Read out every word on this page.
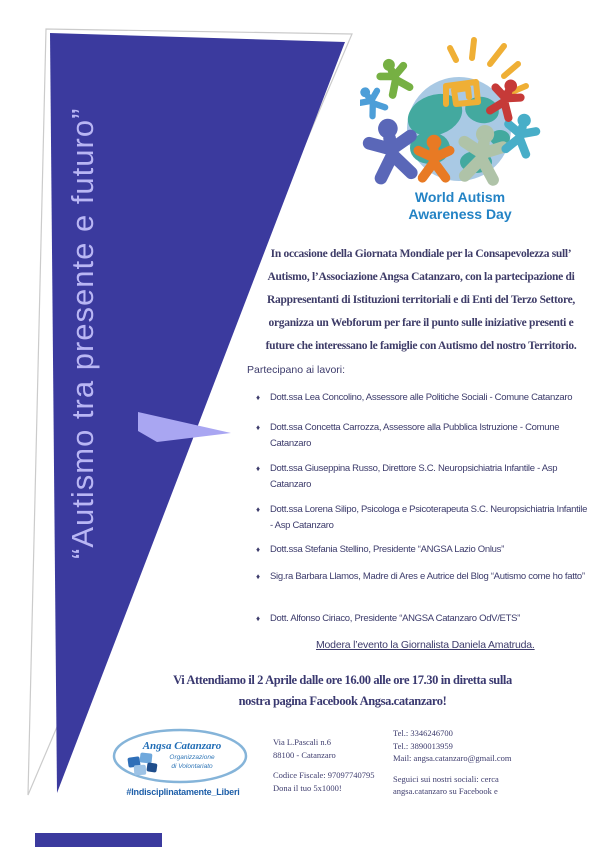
“Autismo tra presente e futuro”	World Autism
Awareness Day
In occasione della Giornata Mondiale per la Consapevolezza sull’
Autismo, l’Associazione Angsa Catanzaro, con la partecipazione di
Rappresentanti di Istituzioni territoriali e di Enti del Terzo Settore,
organizza un Webforum per fare il punto sulle iniziative presenti e
future che interessano le famiglie con Autismo del nostro Territorio.
Partecipano ai lavori:
♦ Dott.ssa Lea Concolino, Assessore alle Politiche Sociali - Comune Catanzaro
♦ Dott.ssa Concetta Carrozza, Assessore alla Pubblica Istruzione - Comune Catanzaro
♦ Dott.ssa Giuseppina Russo, Direttore S.C. Neuropsichiatria Infantile - Asp Catanzaro
♦ Dott.ssa Lorena Silipo, Psicologa e Psicoterapeuta S.C. Neuropsichiatria Infantile - Asp Catanzaro
♦ Dott.ssa Stefania Stellino, Presidente “ANGSA Lazio Onlus”
♦ Sig.ra Barbara Llamos, Madre di Ares e Autrice del Blog “Autismo come ho fatto”
♦ Dott. Alfonso Ciriaco, Presidente “ANGSA Catanzaro OdV/ETS”
Modera l’evento la Giornalista Daniela Amatruda.
Vi Attendiamo il 2 Aprile dalle ore 16.00 alle ore 17.30 in diretta sulla
nostra pagina Facebook Angsa.catanzaro!
Angsa Catanzaro
Organizzazione
di Volontariato
#Indisciplinatamente_Liberi
Via L.Pascali n.6
88100 - Catanzaro
Codice Fiscale: 97097740795
Dona il tuo 5x1000!
Tel.: 3346246700
Tel.: 3890013959
Mail: angsa.catanzaro@gmail.com
Seguici sui nostri sociali: cerca
angsa.catanzaro su Facebook e
